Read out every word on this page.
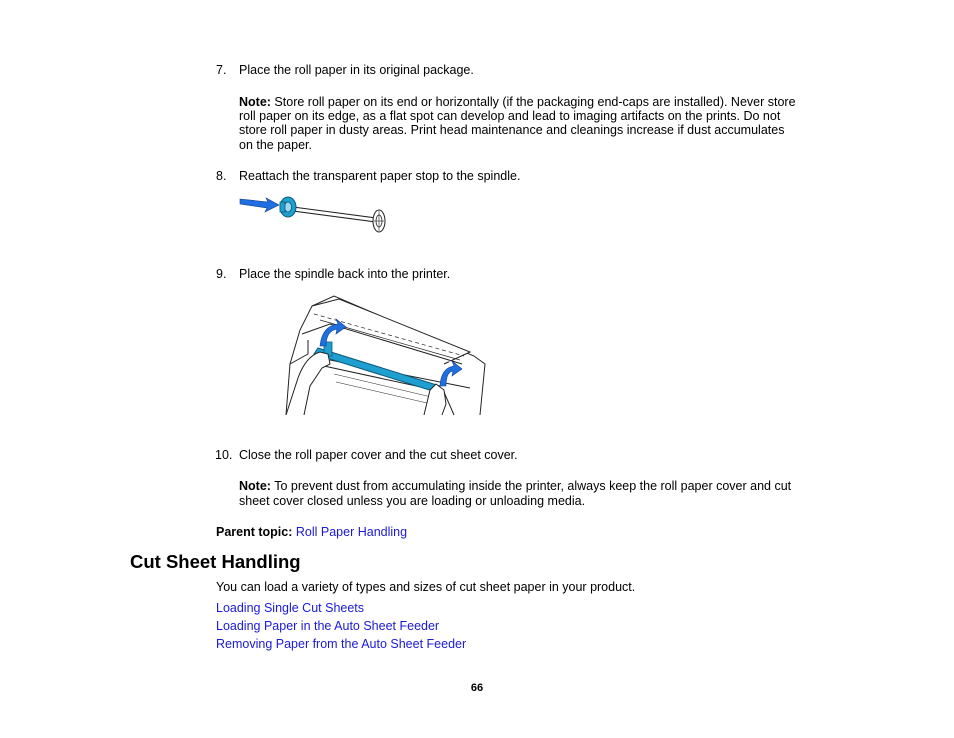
7. Place the roll paper in its original package.
Note: Store roll paper on its end or horizontally (if the packaging end-caps are installed). Never store
roll paper on its edge, as a flat spot can develop and lead to imaging artifacts on the prints. Do not
store roll paper in dusty areas. Print head maintenance and cleanings increase if dust accumulates
on the paper.
8. Reattach the transparent paper stop to the spindle.
9. Place the spindle back into the printer.
10. Close the roll paper cover and the cut sheet cover.
Note: To prevent dust from accumulating inside the printer, always keep the roll paper cover and cut
sheet cover closed unless you are loading or unloading media.
Parent topic: Roll Paper Handling
Cut Sheet Handling
You can load a variety of types and sizes of cut sheet paper in your product.
Loading Single Cut Sheets
Loading Paper in the Auto Sheet Feeder
Removing Paper from the Auto Sheet Feeder
66
